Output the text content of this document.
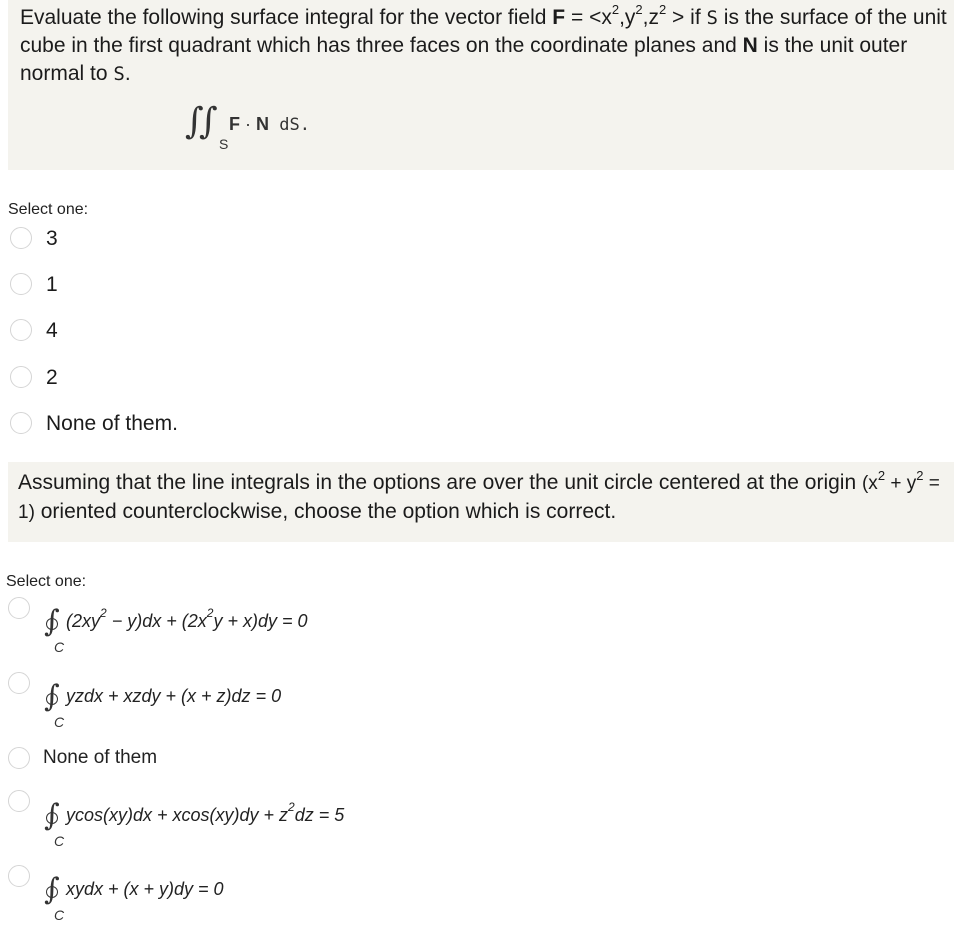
Evaluate the following surface integral for the vector field $F = <x^2,y^2,z^2$ > if S is the surface of the unit cube in the first quadrant which has three faces on the coordinate planes and N is the unit outer normal to S.
∫
∫
S
F · N dS.
Select one:
3
1
4
2
None of them.
Assuming that the line integrals in the options are over the unit circle centered at the origin $(x^2 + y^2 = 1)$ oriented counterclockwise, choose the option which is correct.
Select one:
∫
C
$(2xy^2 - y)dx + (2x^2y + x)dy = 0$
∫
C
yzdx + xzdy + (x + z)dz = 0
None of them
∫
C
$ycos(xy)dx + xcos(xy)dy + z^2dz = 5$
∫
C
xydx + (x + y)dy = 0
